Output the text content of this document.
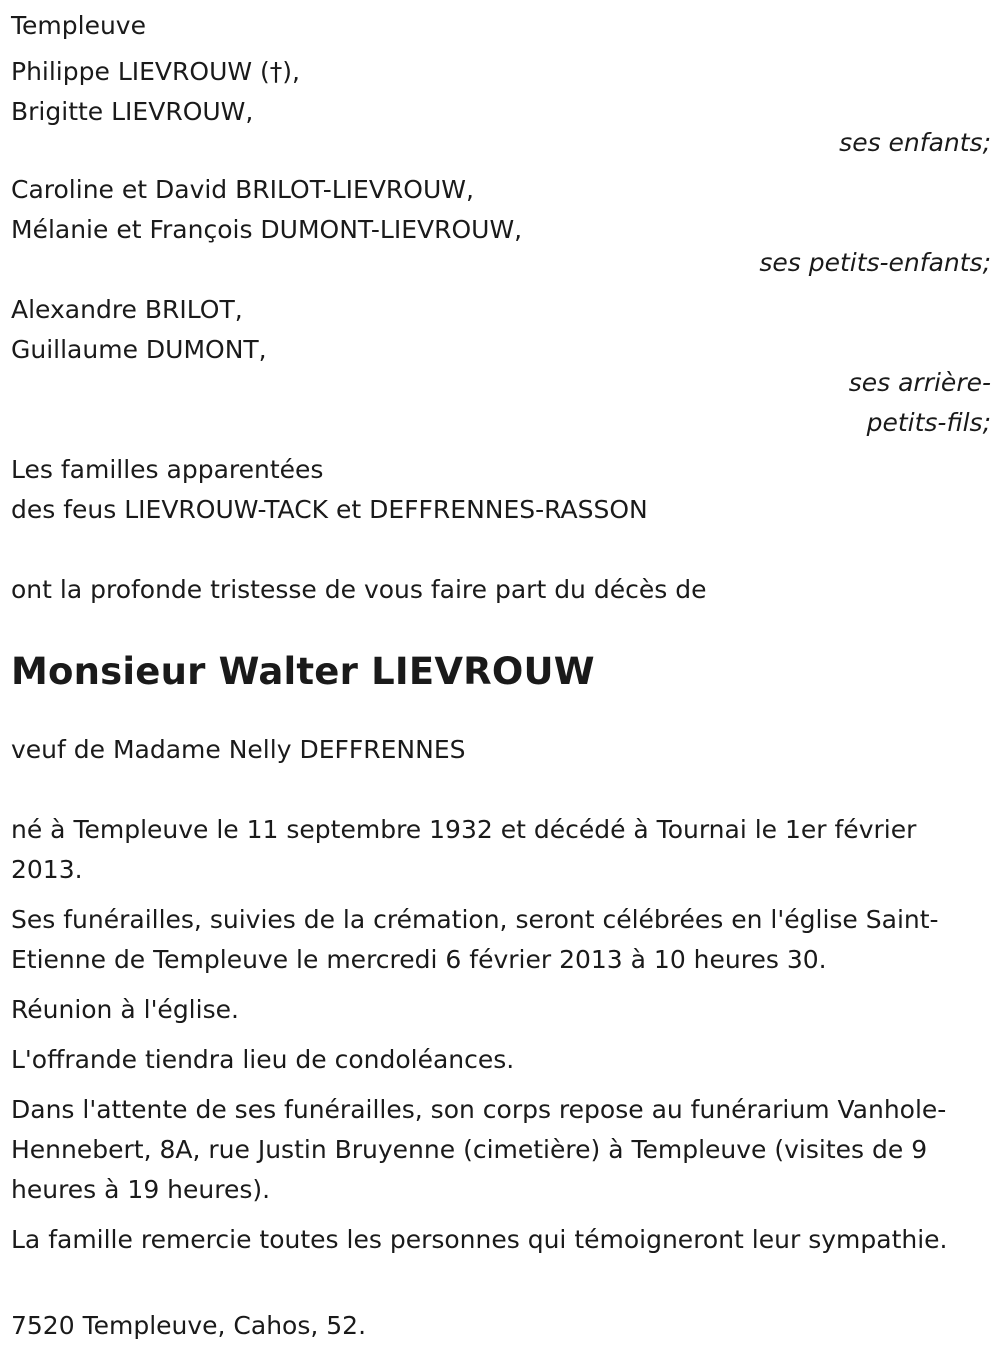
Templeuve

Philippe LIEVROUW (†),

Brigitte LIEVROUW,

ses enfants;

Caroline et David BRILOT-LIEVROUW,

Mélanie et François DUMONT-LIEVROUW,

ses petits-enfants;

Alexandre BRILOT,

Guillaume DUMONT,

ses arrière-

petits-fils;

Les familles apparentées

des feus LIEVROUW-TACK et DEFFRENNES-RASSON

ont la profonde tristesse de vous faire part du décès de

Monsieur Walter LIEVROUW

veuf de Madame Nelly DEFFRENNES

né à Templeuve le 11 septembre 1932 et décédé à Tournai le 1er février 2013.

Ses funérailles, suivies de la crémation, seront célébrées en l'église Saint-Etienne de Templeuve le mercredi 6 février 2013 à 10 heures 30.

Réunion à l'église.

L'offrande tiendra lieu de condoléances.

Dans l'attente de ses funérailles, son corps repose au funérarium Vanhole-Hennebert, 8A, rue Justin Bruyenne (cimetière) à Templeuve (visites de 9 heures à 19 heures).

La famille remercie toutes les personnes qui témoigneront leur sympathie.

7520 Templeuve, Cahos, 52.
